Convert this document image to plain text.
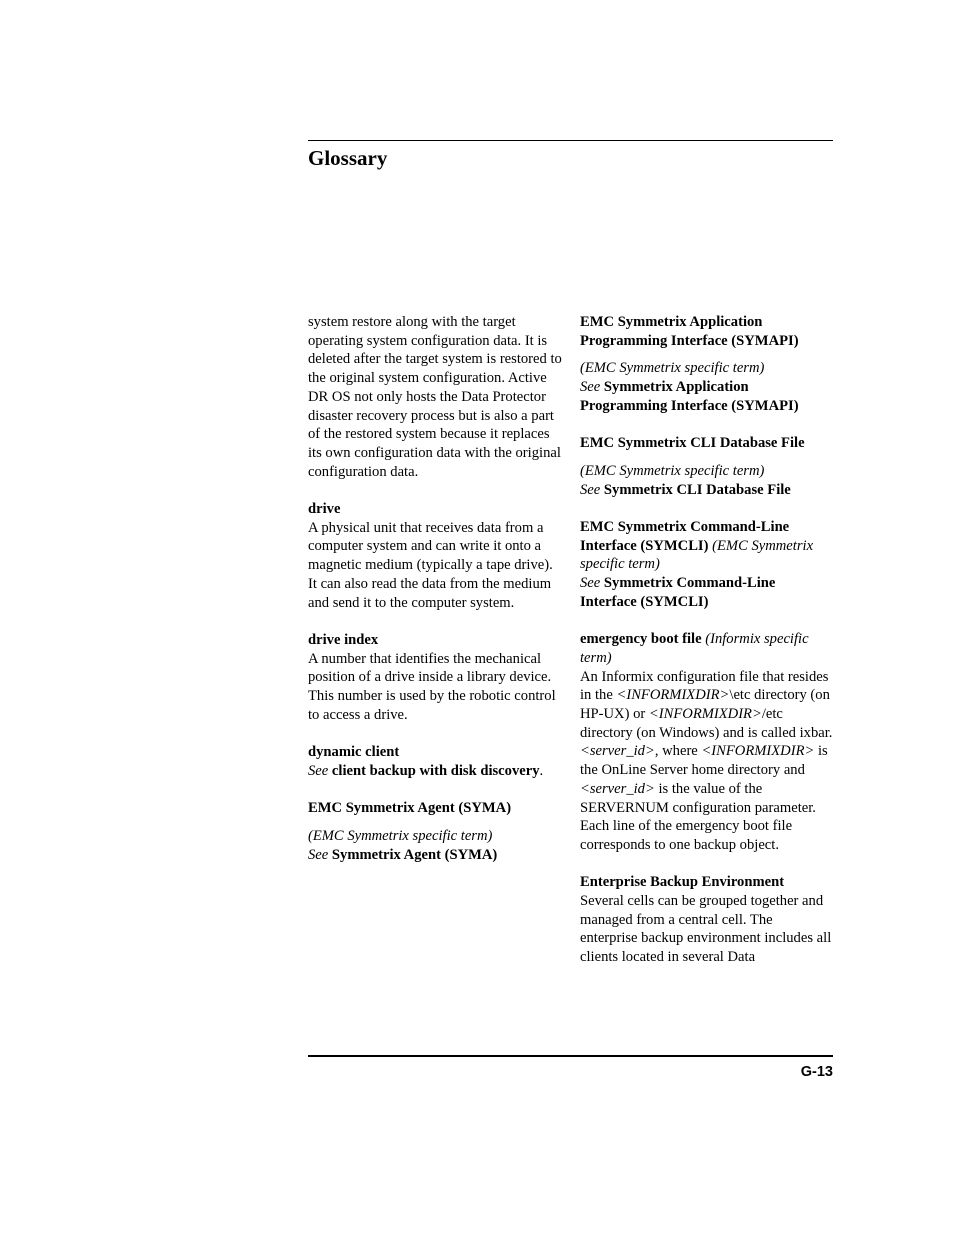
Glossary
system restore along with the target operating system configuration data. It is deleted after the target system is restored to the original system configuration. Active DR OS not only hosts the Data Protector disaster recovery process but is also a part of the restored system because it replaces its own configuration data with the original configuration data.
drive
A physical unit that receives data from a computer system and can write it onto a magnetic medium (typically a tape drive). It can also read the data from the medium and send it to the computer system.
drive index
A number that identifies the mechanical position of a drive inside a library device. This number is used by the robotic control to access a drive.
dynamic client
See client backup with disk discovery.
EMC Symmetrix Agent (SYMA)
(EMC Symmetrix specific term)
See Symmetrix Agent (SYMA)
EMC Symmetrix Application Programming Interface (SYMAPI)
(EMC Symmetrix specific term)
See Symmetrix Application Programming Interface (SYMAPI)
EMC Symmetrix CLI Database File
(EMC Symmetrix specific term)
See Symmetrix CLI Database File
EMC Symmetrix Command-Line Interface (SYMCLI) (EMC Symmetrix specific term)
See Symmetrix Command-Line Interface (SYMCLI)
emergency boot file (Informix specific term)
An Informix configuration file that resides in the <INFORMIXDIR>\etc directory (on HP-UX) or <INFORMIXDIR>/etc directory (on Windows) and is called ixbar.<server_id>, where <INFORMIXDIR> is the OnLine Server home directory and <server_id> is the value of the SERVERNUM configuration parameter. Each line of the emergency boot file corresponds to one backup object.
Enterprise Backup Environment
Several cells can be grouped together and managed from a central cell. The enterprise backup environment includes all clients located in several Data
G-13
